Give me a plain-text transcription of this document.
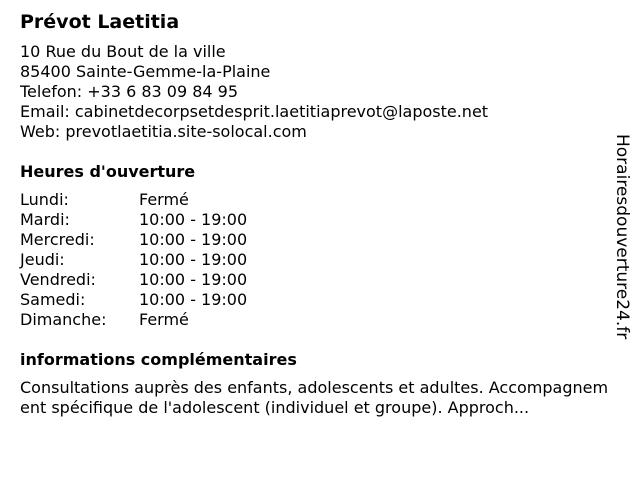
Prévot Laetitia
10 Rue du Bout de la ville
85400 Sainte-Gemme-la-Plaine
Telefon: +33 6 83 09 84 95
Email: cabinetdecorpsetdesprit.laetitiaprevot@laposte.net
Web: prevotlaetitia.site-solocal.com
Heures d'ouverture
Lundi:	Fermé
Mardi:	10:00 - 19:00
Mercredi:	10:00 - 19:00
Jeudi:	10:00 - 19:00
Vendredi:	10:00 - 19:00
Samedi:	10:00 - 19:00
Dimanche:	Fermé
informations complémentaires
Consultations auprès des enfants, adolescents et adultes. Accompagnement spécifique de l'adolescent (individuel et groupe). Approch...
Horairesdouverture24.fr
